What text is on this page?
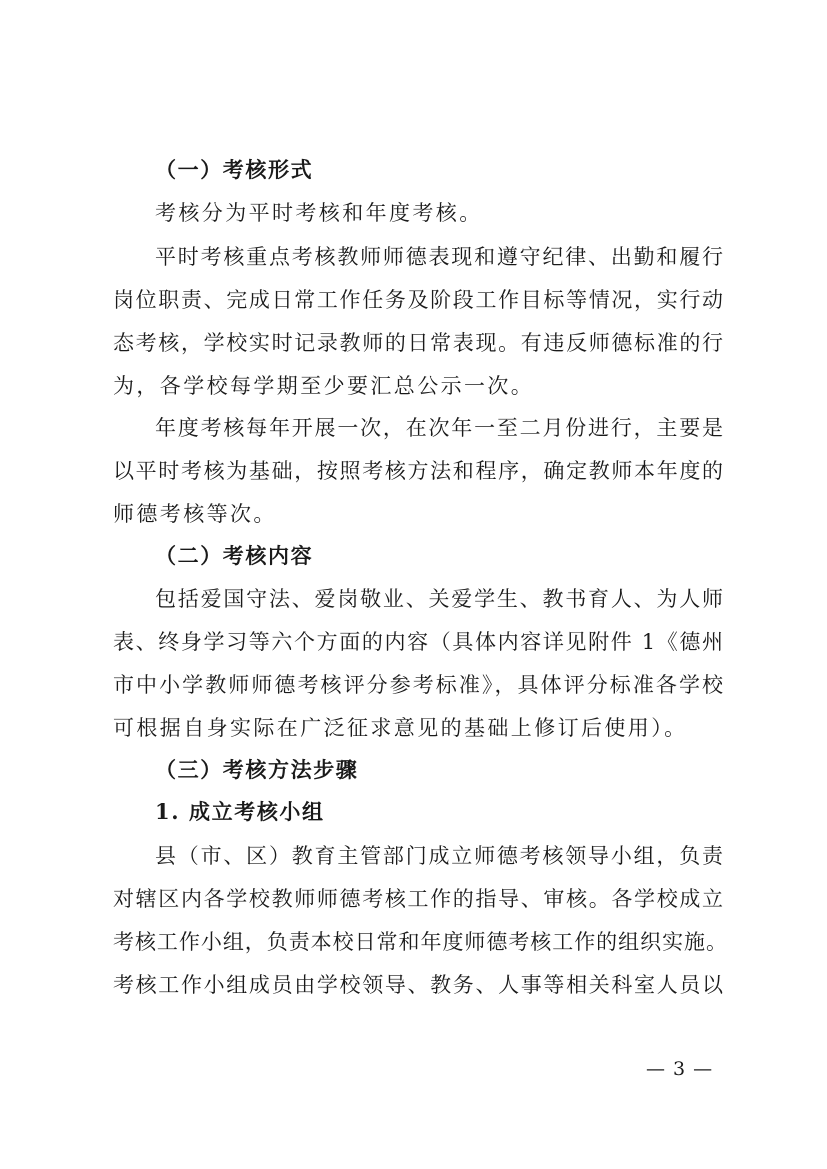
（一）考核形式
考核分为平时考核和年度考核。
平时考核重点考核教师师德表现和遵守纪律、出勤和履行
岗位职责、完成日常工作任务及阶段工作目标等情况，实行动
态考核，学校实时记录教师的日常表现。有违反师德标准的行
为，各学校每学期至少要汇总公示一次。
年度考核每年开展一次，在次年一至二月份进行，主要是
以平时考核为基础，按照考核方法和程序，确定教师本年度的
师德考核等次。
（二）考核内容
包括爱国守法、爱岗敬业、关爱学生、教书育人、为人师
表、终身学习等六个方面的内容（具体内容详见附件 1《德州
市中小学教师师德考核评分参考标准》，具体评分标准各学校
可根据自身实际在广泛征求意见的基础上修订后使用）。
（三）考核方法步骤
1. 成立考核小组
县（市、区）教育主管部门成立师德考核领导小组，负责
对辖区内各学校教师师德考核工作的指导、审核。各学校成立
考核工作小组，负责本校日常和年度师德考核工作的组织实施。
考核工作小组成员由学校领导、教务、人事等相关科室人员以
— 3 —
